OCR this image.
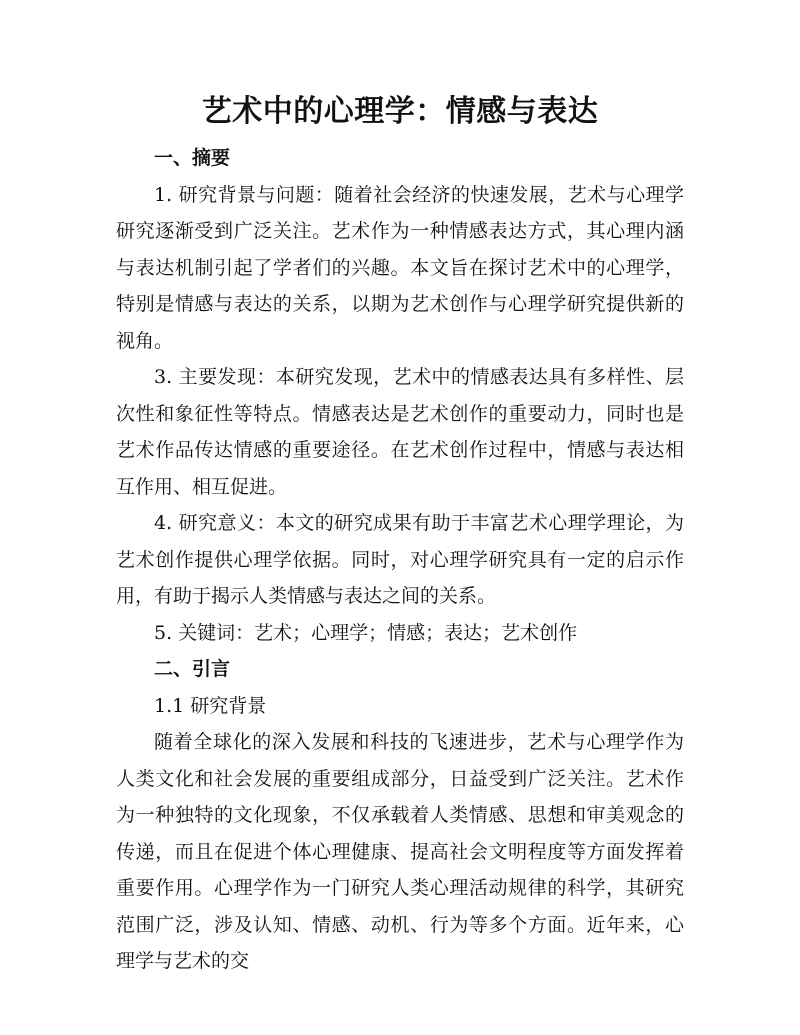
艺术中的心理学：情感与表达

一、摘要

1. 研究背景与问题：随着社会经济的快速发展，艺术与心理学研究逐渐受到广泛关注。艺术作为一种情感表达方式，其心理内涵与表达机制引起了学者们的兴趣。本文旨在探讨艺术中的心理学，特别是情感与表达的关系，以期为艺术创作与心理学研究提供新的视角。

3. 主要发现：本研究发现，艺术中的情感表达具有多样性、层次性和象征性等特点。情感表达是艺术创作的重要动力，同时也是艺术作品传达情感的重要途径。在艺术创作过程中，情感与表达相互作用、相互促进。

4. 研究意义：本文的研究成果有助于丰富艺术心理学理论，为艺术创作提供心理学依据。同时，对心理学研究具有一定的启示作用，有助于揭示人类情感与表达之间的关系。

5. 关键词：艺术；心理学；情感；表达；艺术创作

二、引言

1.1 研究背景

随着全球化的深入发展和科技的飞速进步，艺术与心理学作为人类文化和社会发展的重要组成部分，日益受到广泛关注。艺术作为一种独特的文化现象，不仅承载着人类情感、思想和审美观念的传递，而且在促进个体心理健康、提高社会文明程度等方面发挥着重要作用。心理学作为一门研究人类心理活动规律的科学，其研究范围广泛，涉及认知、情感、动机、行为等多个方面。近年来，心理学与艺术的交
